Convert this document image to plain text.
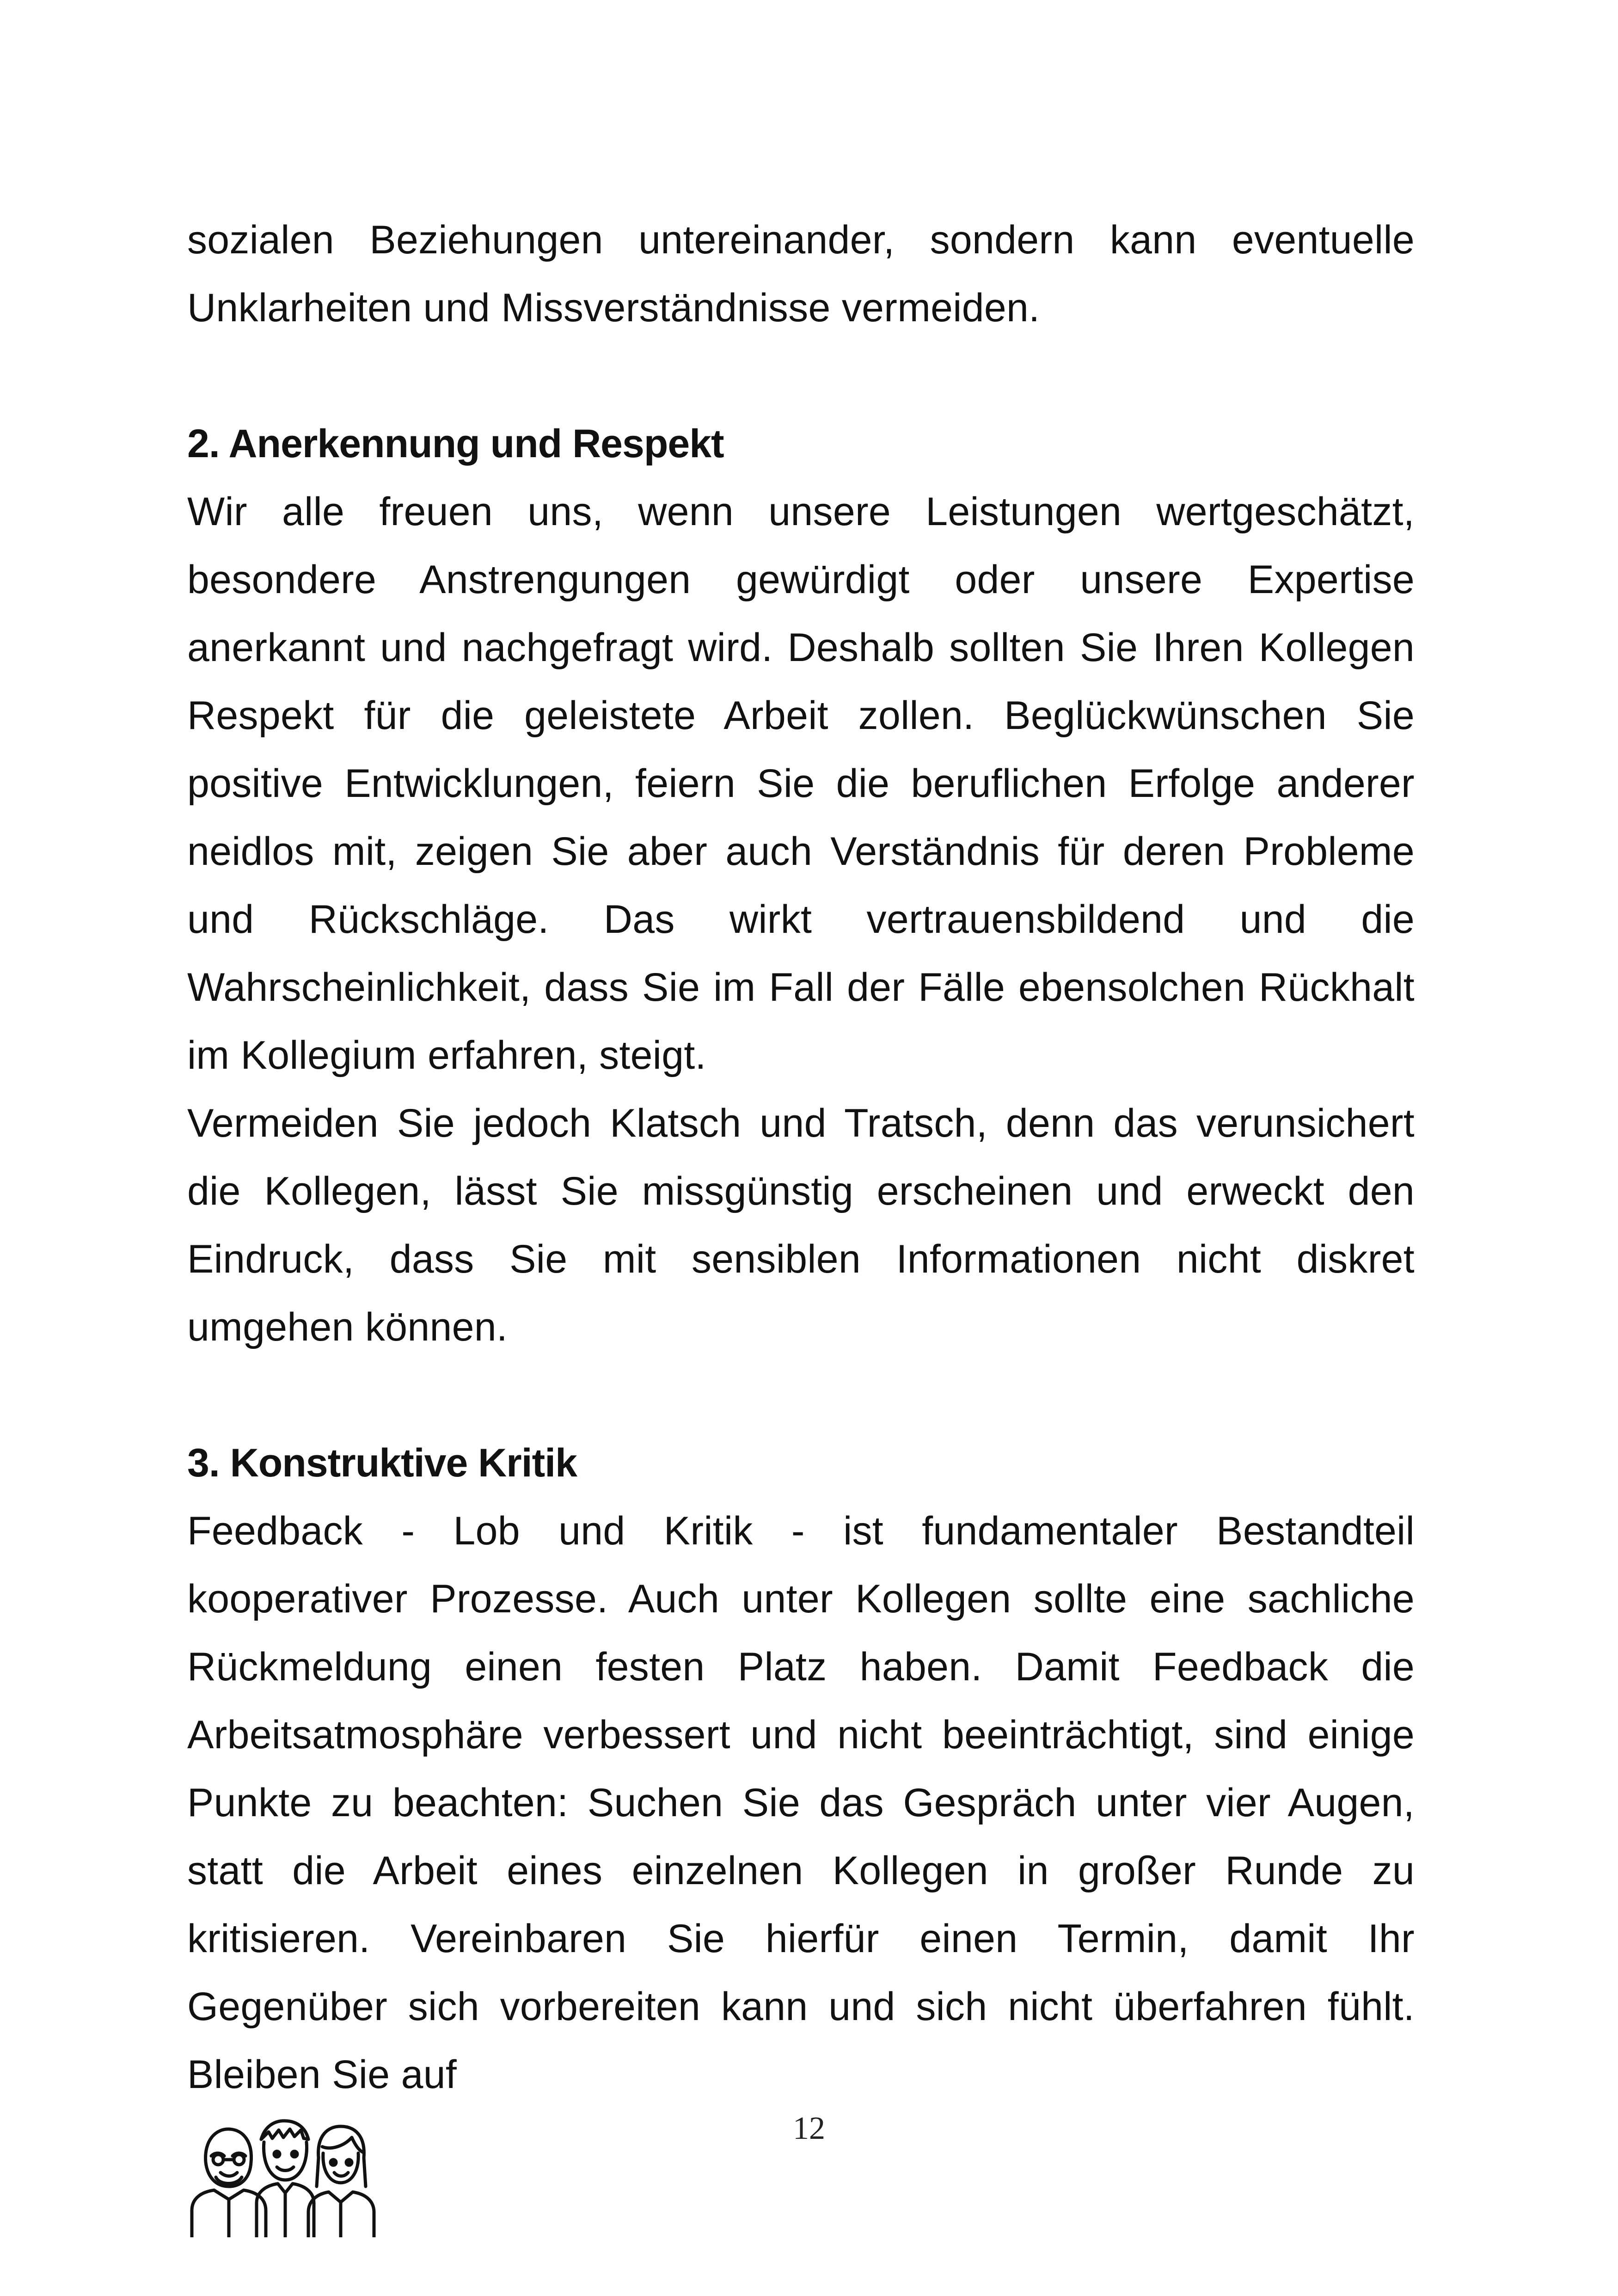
sozialen Beziehungen untereinander, sondern kann eventuelle Unklarheiten und Missverständnisse vermeiden.

2. Anerkennung und Respekt

Wir alle freuen uns, wenn unsere Leistungen wertgeschätzt, besondere Anstrengungen gewürdigt oder unsere Expertise anerkannt und nachgefragt wird. Deshalb sollten Sie Ihren Kollegen Respekt für die geleistete Arbeit zollen. Beglückwünschen Sie positive Entwicklungen, feiern Sie die beruflichen Erfolge anderer neidlos mit, zeigen Sie aber auch Verständnis für deren Probleme und Rückschläge. Das wirkt vertrauensbildend und die Wahrscheinlichkeit, dass Sie im Fall der Fälle ebensolchen Rückhalt im Kollegium erfahren, steigt.

Vermeiden Sie jedoch Klatsch und Tratsch, denn das verunsichert die Kollegen, lässt Sie missgünstig erscheinen und erweckt den Eindruck, dass Sie mit sensiblen Informationen nicht diskret umgehen können.

3. Konstruktive Kritik

Feedback - Lob und Kritik - ist fundamentaler Bestandteil kooperativer Prozesse. Auch unter Kollegen sollte eine sachliche Rückmeldung einen festen Platz haben. Damit Feedback die Arbeitsatmosphäre verbessert und nicht beeinträchtigt, sind einige Punkte zu beachten: Suchen Sie das Gespräch unter vier Augen, statt die Arbeit eines einzelnen Kollegen in großer Runde zu kritisieren. Vereinbaren Sie hierfür einen Termin, damit Ihr Gegenüber sich vorbereiten kann und sich nicht überfahren fühlt. Bleiben Sie auf

12
